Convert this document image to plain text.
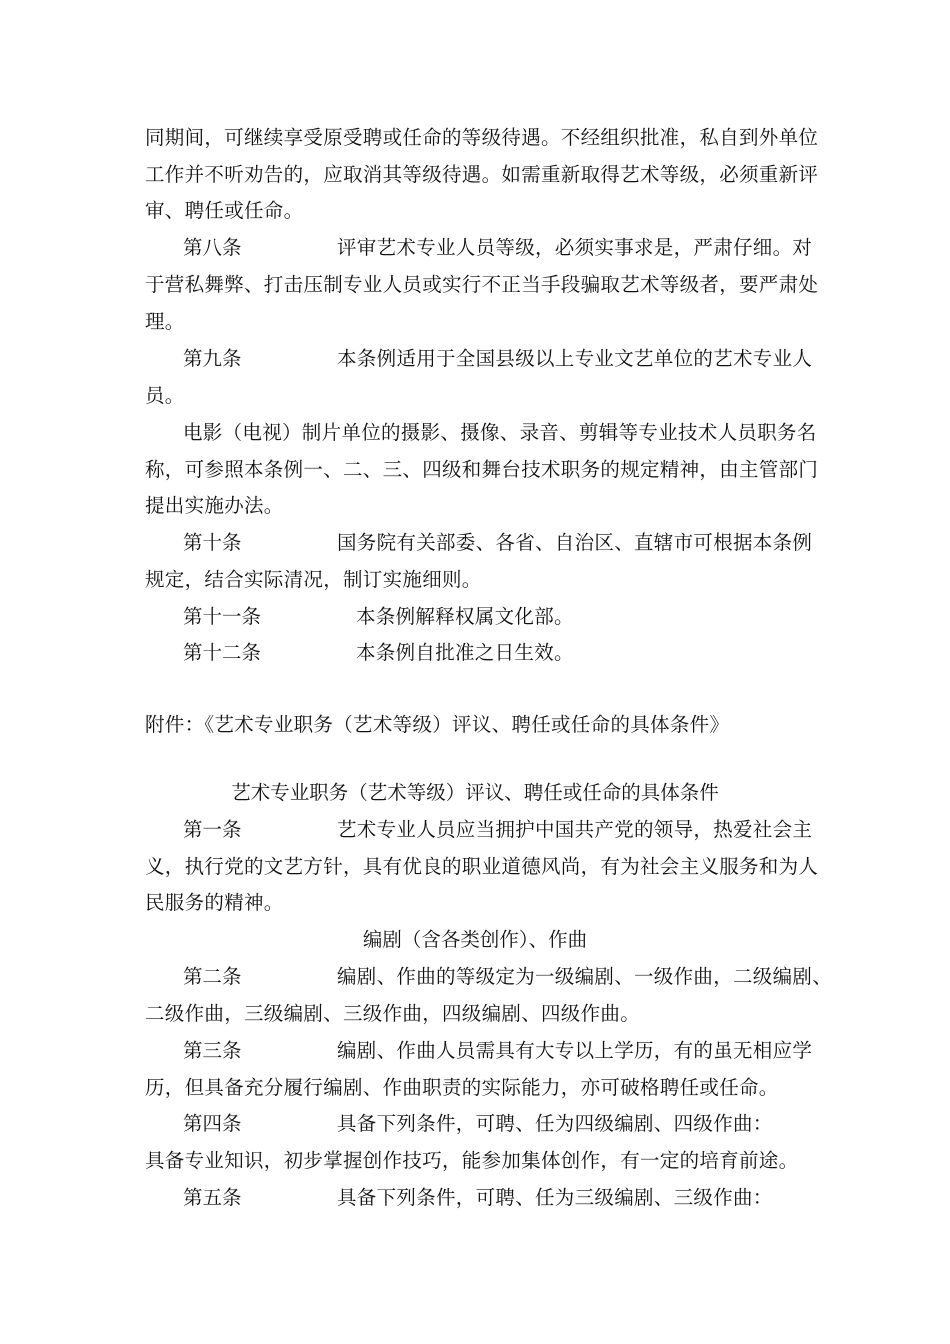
同期间，可继续享受原受聘或任命的等级待遇。不经组织批准，私自到外单位
工作并不听劝告的，应取消其等级待遇。如需重新取得艺术等级，必须重新评
审、聘任或任命。
第八条	评审艺术专业人员等级，必须实事求是，严肃仔细。对
于营私舞弊、打击压制专业人员或实行不正当手段骗取艺术等级者，要严肃处
理。
第九条	本条例适用于全国县级以上专业文艺单位的艺术专业人
员。
电影（电视）制片单位的摄影、摄像、录音、剪辑等专业技术人员职务名
称，可参照本条例一、二、三、四级和舞台技术职务的规定精神，由主管部门
提出实施办法。
第十条	国务院有关部委、各省、自治区、直辖市可根据本条例
规定，结合实际清况，制订实施细则。
第十一条	本条例解释权属文化部。
第十二条	本条例自批准之日生效。
附件：《艺术专业职务（艺术等级）评议、聘任或任命的具体条件》
艺术专业职务（艺术等级）评议、聘任或任命的具体条件
第一条	艺术专业人员应当拥护中国共产党的领导，热爱社会主
义，执行党的文艺方针，具有优良的职业道德风尚，有为社会主义服务和为人
民服务的精神。
编剧（含各类创作）、作曲
第二条	编剧、作曲的等级定为一级编剧、一级作曲，二级编剧、
二级作曲，三级编剧、三级作曲，四级编剧、四级作曲。
第三条	编剧、作曲人员需具有大专以上学历，有的虽无相应学
历，但具备充分履行编剧、作曲职责的实际能力，亦可破格聘任或任命。
第四条	具备下列条件，可聘、任为四级编剧、四级作曲：
具备专业知识，初步掌握创作技巧，能参加集体创作，有一定的培育前途。
第五条	具备下列条件，可聘、任为三级编剧、三级作曲：
